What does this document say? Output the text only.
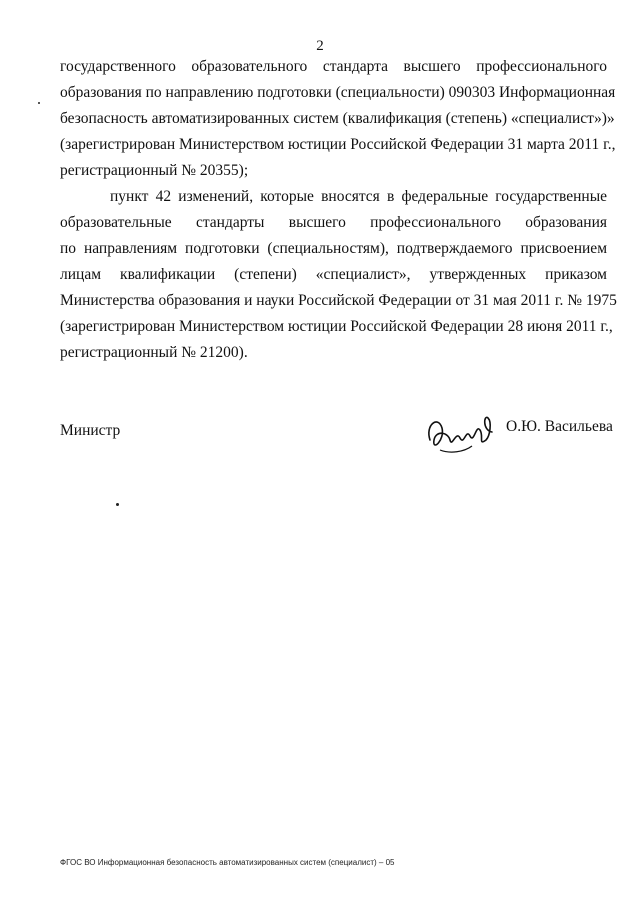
2
государственного образовательного стандарта высшего профессионального
образования по направлению подготовки (специальности) 090303 Информационная
безопасность автоматизированных систем (квалификация (степень) «специалист»)»
(зарегистрирован Министерством юстиции Российской Федерации 31 марта 2011 г.,
регистрационный № 20355);
пункт 42 изменений, которые вносятся в федеральные государственные
образовательные стандарты высшего профессионального образования
по направлениям подготовки (специальностям), подтверждаемого присвоением
лицам квалификации (степени) «специалист», утвержденных приказом
Министерства образования и науки Российской Федерации от 31 мая 2011 г. № 1975
(зарегистрирован Министерством юстиции Российской Федерации 28 июня 2011 г.,
регистрационный № 21200).
Министр	О.Ю. Васильева
ФГОС ВО Информационная безопасность автоматизированных систем (специалист) – 05
